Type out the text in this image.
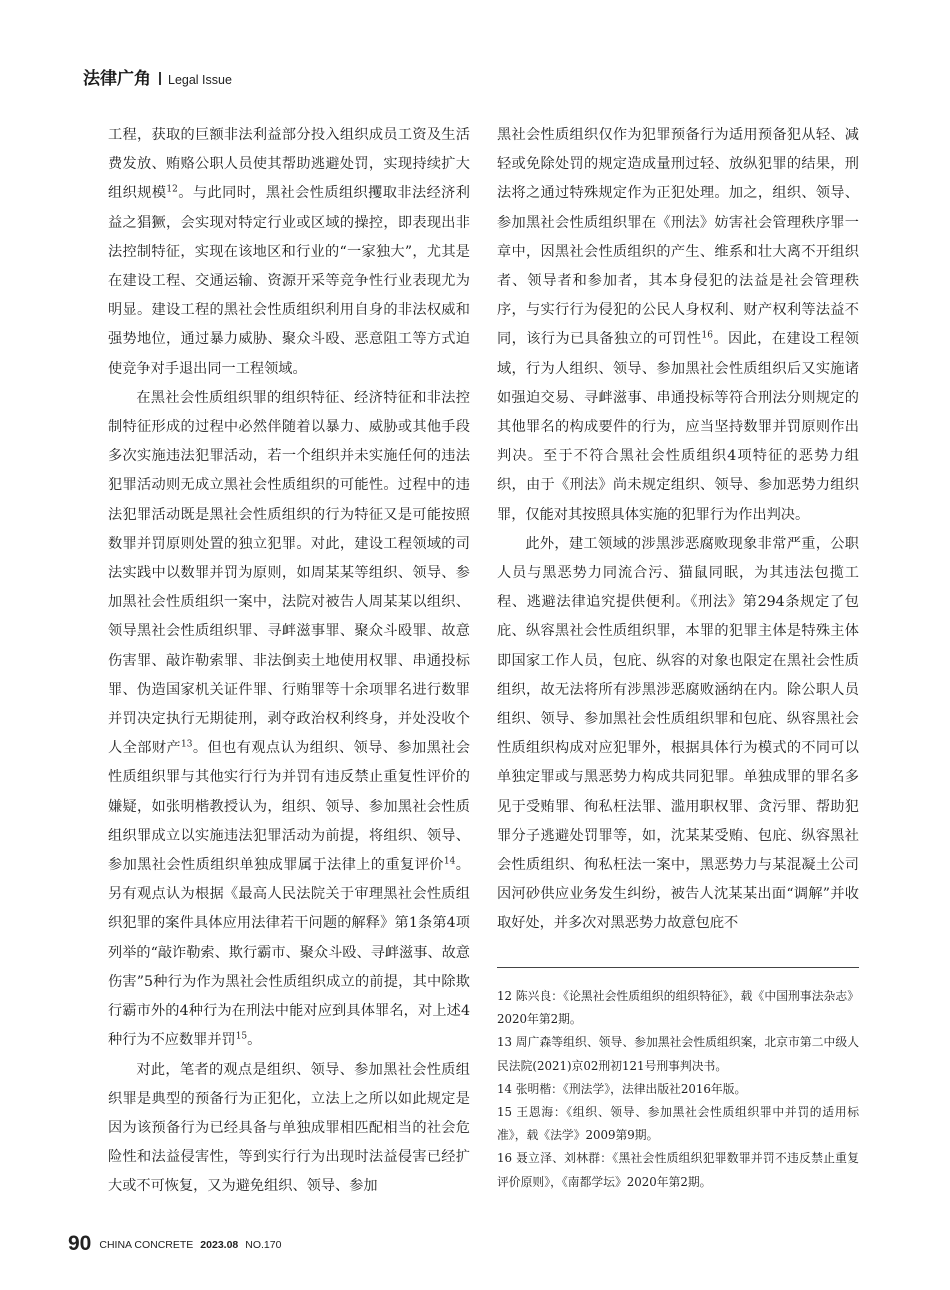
法律广角 Legal Issue

工程，获取的巨额非法利益部分投入组织成员工资及生活费发放、贿赂公职人员使其帮助逃避处罚，实现持续扩大组织规模$^{12}$。与此同时，黑社会性质组织攫取非法经济利益之猖獗，会实现对特定行业或区域的操控，即表现出非法控制特征，实现在该地区和行业的“一家独大”，尤其是在建设工程、交通运输、资源开采等竞争性行业表现尤为明显。建设工程的黑社会性质组织利用自身的非法权威和强势地位，通过暴力威胁、聚众斗殴、恶意阻工等方式迫使竞争对手退出同一工程领域。

在黑社会性质组织罪的组织特征、经济特征和非法控制特征形成的过程中必然伴随着以暴力、威胁或其他手段多次实施违法犯罪活动，若一个组织并未实施任何的违法犯罪活动则无成立黑社会性质组织的可能性。过程中的违法犯罪活动既是黑社会性质组织的行为特征又是可能按照数罪并罚原则处置的独立犯罪。对此，建设工程领域的司法实践中以数罪并罚为原则，如周某某等组织、领导、参加黑社会性质组织一案中，法院对被告人周某某以组织、领导黑社会性质组织罪、寻衅滋事罪、聚众斗殴罪、故意伤害罪、敲诈勒索罪、非法倒卖土地使用权罪、串通投标罪、伪造国家机关证件罪、行贿罪等十余项罪名进行数罪并罚决定执行无期徒刑，剥夺政治权利终身，并处没收个人全部财产$^{13}$。但也有观点认为组织、领导、参加黑社会性质组织罪与其他实行行为并罚有违反禁止重复性评价的嫌疑，如张明楷教授认为，组织、领导、参加黑社会性质组织罪成立以实施违法犯罪活动为前提，将组织、领导、参加黑社会性质组织单独成罪属于法律上的重复评价$^{14}$。另有观点认为根据《最高人民法院关于审理黑社会性质组织犯罪的案件具体应用法律若干问题的解释》第1条第4项列举的“敲诈勒索、欺行霸市、聚众斗殴、寻衅滋事、故意伤害”5种行为作为黑社会性质组织成立的前提，其中除欺行霸市外的4种行为在刑法中能对应到具体罪名，对上述4种行为不应数罪并罚$^{15}$。

对此，笔者的观点是组织、领导、参加黑社会性质组织罪是典型的预备行为正犯化，立法上之所以如此规定是因为该预备行为已经具备与单独成罪相匹配相当的社会危险性和法益侵害性，等到实行行为出现时法益侵害已经扩大或不可恢复，又为避免组织、领导、参加

黑社会性质组织仅作为犯罪预备行为适用预备犯从轻、减轻或免除处罚的规定造成量刑过轻、放纵犯罪的结果，刑法将之通过特殊规定作为正犯处理。加之，组织、领导、参加黑社会性质组织罪在《刑法》妨害社会管理秩序罪一章中，因黑社会性质组织的产生、维系和壮大离不开组织者、领导者和参加者，其本身侵犯的法益是社会管理秩序，与实行行为侵犯的公民人身权利、财产权利等法益不同，该行为已具备独立的可罚性$^{16}$。因此，在建设工程领域，行为人组织、领导、参加黑社会性质组织后又实施诸如强迫交易、寻衅滋事、串通投标等符合刑法分则规定的其他罪名的构成要件的行为，应当坚持数罪并罚原则作出判决。至于不符合黑社会性质组织4项特征的恶势力组织，由于《刑法》尚未规定组织、领导、参加恶势力组织罪，仅能对其按照具体实施的犯罪行为作出判决。

此外，建工领域的涉黑涉恶腐败现象非常严重，公职人员与黑恶势力同流合污、猫鼠同眠，为其违法包揽工程、逃避法律追究提供便利。《刑法》第294条规定了包庇、纵容黑社会性质组织罪，本罪的犯罪主体是特殊主体即国家工作人员，包庇、纵容的对象也限定在黑社会性质组织，故无法将所有涉黑涉恶腐败涵纳在内。除公职人员组织、领导、参加黑社会性质组织罪和包庇、纵容黑社会性质组织构成对应犯罪外，根据具体行为模式的不同可以单独定罪或与黑恶势力构成共同犯罪。单独成罪的罪名多见于受贿罪、徇私枉法罪、滥用职权罪、贪污罪、帮助犯罪分子逃避处罚罪等，如，沈某某受贿、包庇、纵容黑社会性质组织、徇私枉法一案中，黑恶势力与某混凝土公司因河砂供应业务发生纠纷，被告人沈某某出面“调解”并收取好处，并多次对黑恶势力故意包庇不

12 陈兴良：《论黑社会性质组织的组织特征》，载《中国刑事法杂志》2020年第2期。

13 周广森等组织、领导、参加黑社会性质组织案，北京市第二中级人民法院(2021)京02刑初121号刑事判决书。

14 张明楷：《刑法学》，法律出版社2016年版。

15 王恩海：《组织、领导、参加黑社会性质组织罪中并罚的适用标准》，载《法学》2009第9期。

16 聂立泽、刘林群：《黑社会性质组织犯罪数罪并罚不违反禁止重复评价原则》，《南都学坛》2020年第2期。

90 CHINA CONCRETE 2023.08 NO.170
